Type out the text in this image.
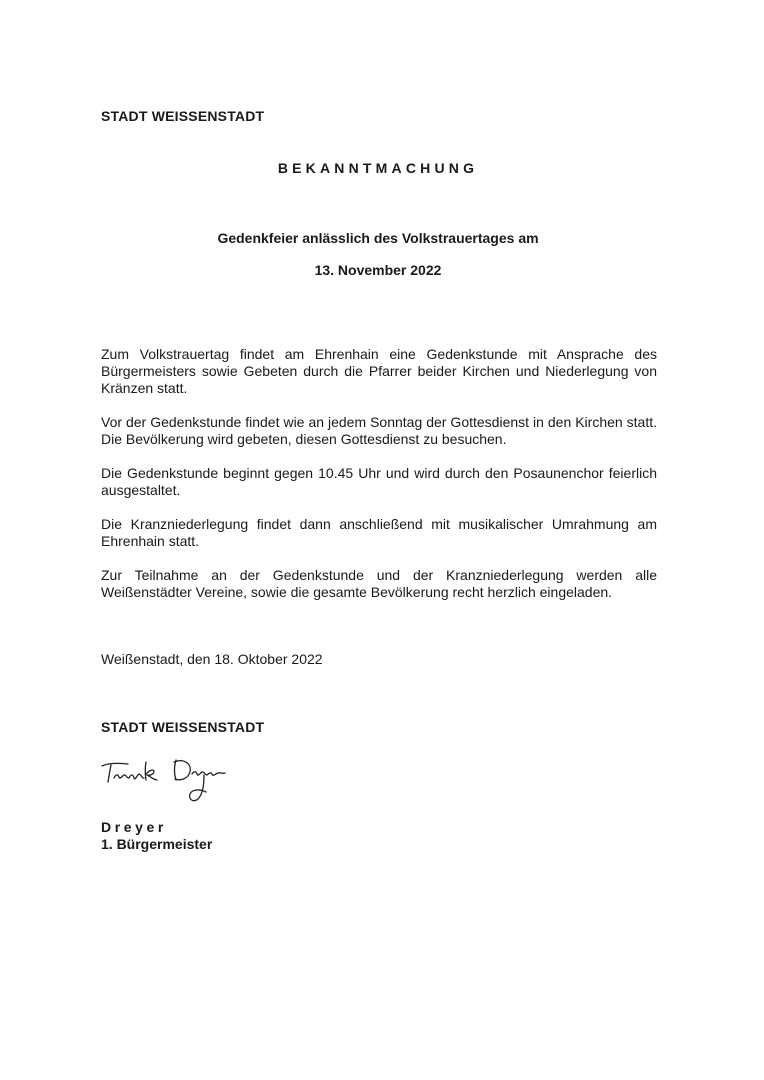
STADT WEISSENSTADT
BEKANNTMACHUNG
Gedenkfeier anlässlich des Volkstrauertages am
13. November 2022
Zum Volkstrauertag findet am Ehrenhain eine Gedenkstunde mit Ansprache des Bürgermeisters sowie Gebeten durch die Pfarrer beider Kirchen und Niederlegung von Kränzen statt.
Vor der Gedenkstunde findet wie an jedem Sonntag der Gottesdienst in den Kirchen statt. Die Bevölkerung wird gebeten, diesen Gottesdienst zu besuchen.
Die Gedenkstunde beginnt gegen 10.45 Uhr und wird durch den Posaunenchor feierlich ausgestaltet.
Die Kranzniederlegung findet dann anschließend mit musikalischer Umrahmung am Ehrenhain statt.
Zur Teilnahme an der Gedenkstunde und der Kranzniederlegung werden alle Weißenstädter Vereine, sowie die gesamte Bevölkerung recht herzlich eingeladen.
Weißenstadt, den 18. Oktober 2022
STADT WEISSENSTADT
Dreyer
1. Bürgermeister
